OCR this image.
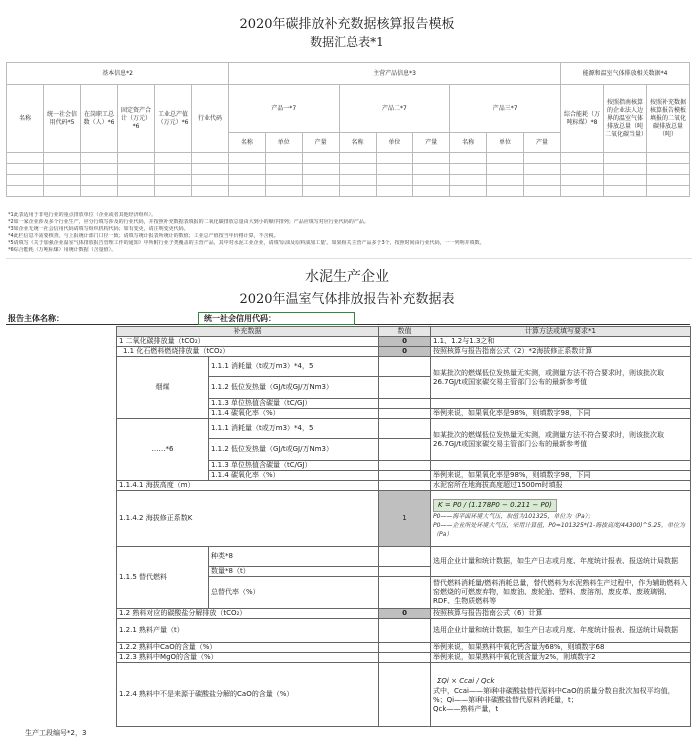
2020年碳排放补充数据核算报告模板
数据汇总表*1
基本信息*2						主营产品信息*3									能源和温室气体排放相关数据*4		
名称	统一社会信用代码*5	在岗职工总数（人）*6	固定资产合计（万元）*6	工业总产值（万元）*6	行业代码	产品一*7			产品二*7			产品三*7			综合能耗（万吨标煤）*8	按照指南核算的企业法人边界的温室气体排放总量（吨二氧化碳当量）	按照补充数据核算报告模板填报的二氧化碳排放总量（吨）
						名称	单位	产量	名称	单位	产量	名称	单位	产量			

*1此表适用于非电行业的重点排放单位（企业或者其他经济组织）。
*2如一家企业涉及多个行业生产，应分行填写涉及的行业代码，并按照补充数据表填报的二氧化碳排放总量由大到小的顺序排列；产品应填写对应行业代码的产品。
*3如企业无统一社会信用代码请填写组织机构代码；如有变更，请注明变更代码。
*4此栏信息不需要核查。与上报统计部门口径一致；请填写统计报表所统计的数值；工业总产值按当年价格计算，不含税。
*5请填写《关于加强企业温室气体排放报告管理工作的通知》中所附行业子类覆盖的主营产品，其中对水泥工业企业，请填'原油及原料油加工量'。如果相关主营产品多于3个，按照时间由行业代码，一一列明并填数。
*6综合能耗（万吨标煤）用统计数据（含量值）。
水泥生产企业
2020年温室气体排放报告补充数据表
报告主体名称：	统一社会信用代码：
补充数据		数值	计算方法或填写要求*1
1 二氧化碳排放量（tCO₂）		0	1.1、1.2与1.3之和
1.1 化石燃料燃烧排放量（tCO₂）		0	按照核算与报告指南公式（2）*2海拔修正系数计算
烟煤	1.1.1 消耗量（t或万m3）*4，5		如某批次的燃煤低位发热量无实测，或测量方法不符合要求时，则该批次取26.7GJ/t或国家碳交易主管部门公布的最新参考值
	1.1.2 低位发热量（GJ/t或GJ/万Nm3）		
	1.1.3 单位热值含碳量（tC/GJ）		
	1.1.4 碳氧化率（%）		举例来说，如果氧化率是98%，则填数字98，下同
……*6	1.1.1 消耗量（t或万m3）*4，5		如某批次的燃煤低位发热量无实测，或测量方法不符合要求时，则该批次取26.7GJ/t或国家碳交易主管部门公布的最新参考值
	1.1.2 低位发热量（GJ/t或GJ/万Nm3）		
	1.1.3 单位热值含碳量（tC/GJ）		
	1.1.4 碳氧化率（%）		举例来说，如果氧化率是98%，则填数字98，下同
1.1.4.1 海拔高度（m）			水泥窑所在地海拔高度超过1500m时填报
1.1.4.2 海拔修正系数K		1	K = P0 / (1.178P0 − 0.211 − P0)
P0——海平面环境大气压，取值为101325，单位为（Pa）；
P0——企业所处环境大气压，采用计算值，P0=101325*(1-海拔高度/44300)^5.25，单位为（Pa）

1.1.5 替代燃料	种类*8		选用企业计量和统计数据，如生产日志或月度、年度统计报表、报送统计局数据
	数量*8（t）		
	总替代率（%）		替代燃料消耗量/燃料消耗总量，替代燃料为水泥熟料生产过程中，作为辅助燃料入窑燃烧的可燃废弃物，如废油、废轮胎、塑料、废溶剂、废皮革、废玻璃钢、RDF、生物质燃料等
1.2 熟料对应的碳酸盐分解排放（tCO₂）		0	按照核算与报告指南公式（6）计算
1.2.1 熟料产量（t）			选用企业计量和统计数据，如生产日志或月度、年度统计报表、报送统计局数据
1.2.2 熟料中CaO的含量（%）			举例来说，如果熟料中氧化钙含量为68%，则填数字68
1.2.3 熟料中MgO的含量（%）			举例来说，如果熟料中氧化镁含量为2%，则填数字2
1.2.4 熟料中不是来源于碳酸盐分解的CaO的含量（%）			ΣQi × Ccai / Qck
式中，Ccai——第i种非碳酸盐替代原料中CaO的质量分数自批次加权平均值，%；Qi——第i种非碳酸盐替代原料消耗量，t；
Qck——熟料产量，t
生产工段编号*2，3
